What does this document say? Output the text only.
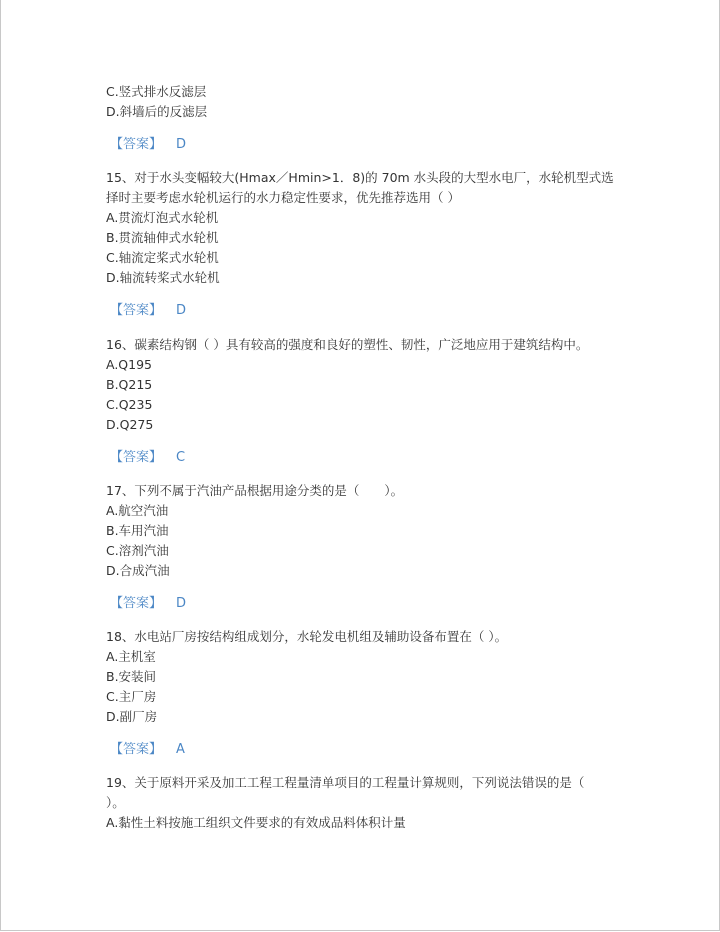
C.竖式排水反滤层
D.斜墙后的反滤层
【答案】 D
15、对于水头变幅较大(Hmax／Hmin>1．8)的 70m 水头段的大型水电厂，水轮机型式选
择时主要考虑水轮机运行的水力稳定性要求，优先推荐选用（ ）
A.贯流灯泡式水轮机
B.贯流轴伸式水轮机
C.轴流定桨式水轮机
D.轴流转桨式水轮机
【答案】 D
16、碳素结构钢（ ）具有较高的强度和良好的塑性、韧性，广泛地应用于建筑结构中。
A.Q195
B.Q215
C.Q235
D.Q275
【答案】 C
17、下列不属于汽油产品根据用途分类的是（　　）。
A.航空汽油
B.车用汽油
C.溶剂汽油
D.合成汽油
【答案】 D
18、水电站厂房按结构组成划分，水轮发电机组及辅助设备布置在（ ）。
A.主机室
B.安装间
C.主厂房
D.副厂房
【答案】 A
19、关于原料开采及加工工程工程量清单项目的工程量计算规则，下列说法错误的是（
）。
A.黏性土料按施工组织文件要求的有效成品料体积计量
